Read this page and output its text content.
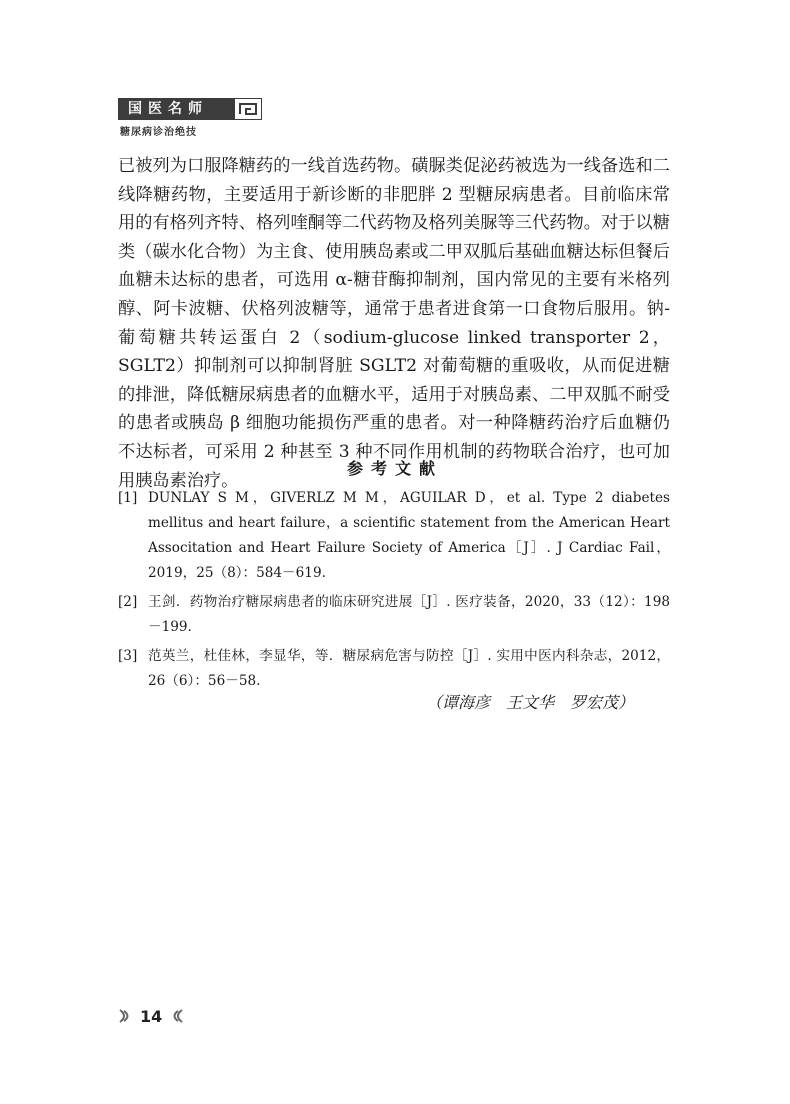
国医名师
糖尿病诊治绝技

已被列为口服降糖药的一线首选药物。磺脲类促泌药被选为一线备选和二线降糖药物，主要适用于新诊断的非肥胖 2 型糖尿病患者。目前临床常用的有格列齐特、格列喹酮等二代药物及格列美脲等三代药物。对于以糖类（碳水化合物）为主食、使用胰岛素或二甲双胍后基础血糖达标但餐后血糖未达标的患者，可选用 α-糖苷酶抑制剂，国内常见的主要有米格列醇、阿卡波糖、伏格列波糖等，通常于患者进食第一口食物后服用。钠-葡萄糖共转运蛋白 2（sodium-glucose linked transporter 2，SGLT2）抑制剂可以抑制肾脏 SGLT2 对葡萄糖的重吸收，从而促进糖的排泄，降低糖尿病患者的血糖水平，适用于对胰岛素、二甲双胍不耐受的患者或胰岛 β 细胞功能损伤严重的患者。对一种降糖药治疗后血糖仍不达标者，可采用 2 种甚至 3 种不同作用机制的药物联合治疗，也可加用胰岛素治疗。

参考文献
[1] DUNLAY S M，GIVERLZ M M，AGUILAR D，et al. Type 2 diabetes mellitus and heart failure，a scientific statement from the American Heart Associtation and Heart Failure Society of America［J］. J Cardiac Fail，2019，25（8）：584－619.
[2] 王剑．药物治疗糖尿病患者的临床研究进展［J］. 医疗装备，2020，33（12）：198－199.
[3] 范英兰，杜佳林，李显华，等．糖尿病危害与防控［J］. 实用中医内科杂志，2012，26（6）：56－58.
（谭海彦　王文华　罗宏茂）
14
